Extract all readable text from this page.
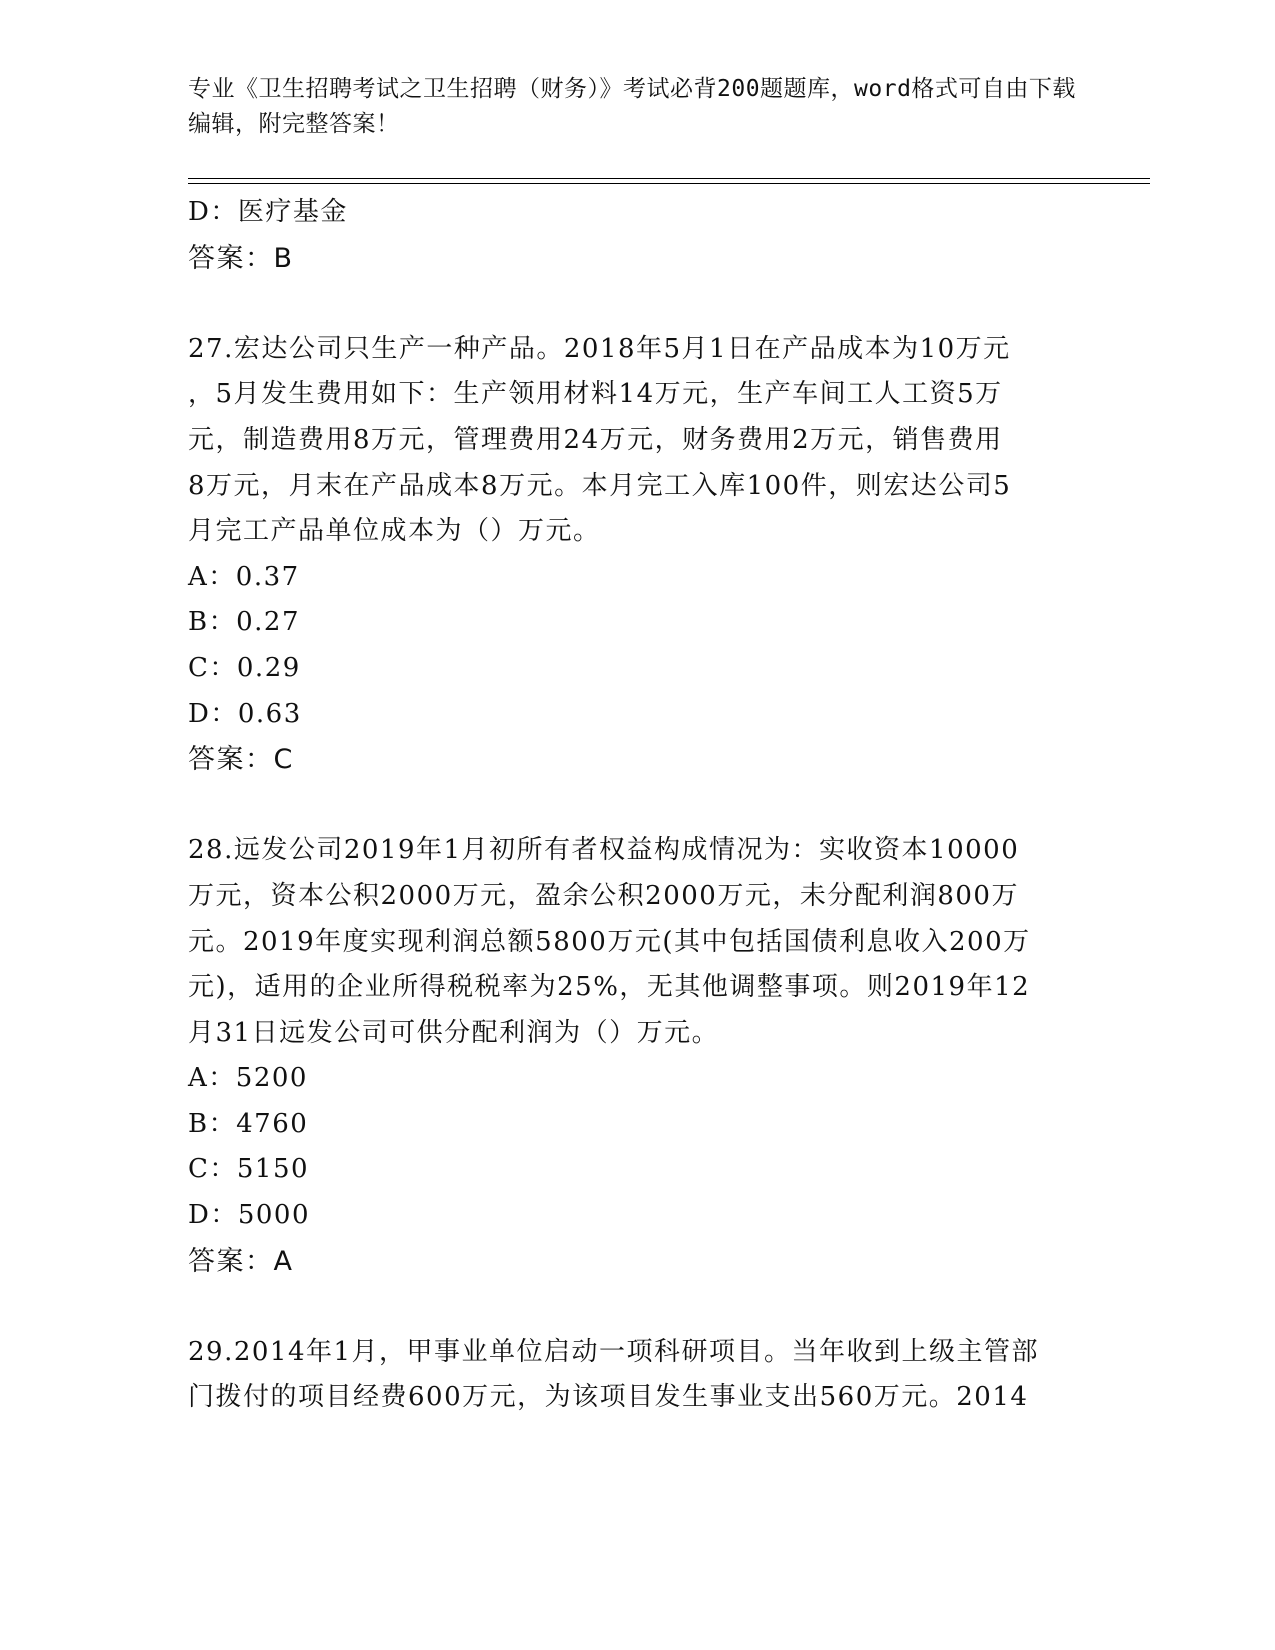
专业《卫生招聘考试之卫生招聘（财务）》考试必背200题题库，word格式可自由下载编辑，附完整答案！
D：医疗基金
答案：B
27.宏达公司只生产一种产品。2018年5月1日在产品成本为10万元
，5月发生费用如下：生产领用材料14万元，生产车间工人工资5万
元，制造费用8万元，管理费用24万元，财务费用2万元，销售费用
8万元，月末在产品成本8万元。本月完工入库100件，则宏达公司5
月完工产品单位成本为（）万元。
A：0.37
B：0.27
C：0.29
D：0.63
答案：C
28.远发公司2019年1月初所有者权益构成情况为：实收资本10000
万元，资本公积2000万元，盈余公积2000万元，未分配利润800万
元。2019年度实现利润总额5800万元(其中包括国债利息收入200万
元)，适用的企业所得税税率为25%，无其他调整事项。则2019年12
月31日远发公司可供分配利润为（）万元。
A：5200
B：4760
C：5150
D：5000
答案：A
29.2014年1月，甲事业单位启动一项科研项目。当年收到上级主管部
门拨付的项目经费600万元，为该项目发生事业支出560万元。2014
